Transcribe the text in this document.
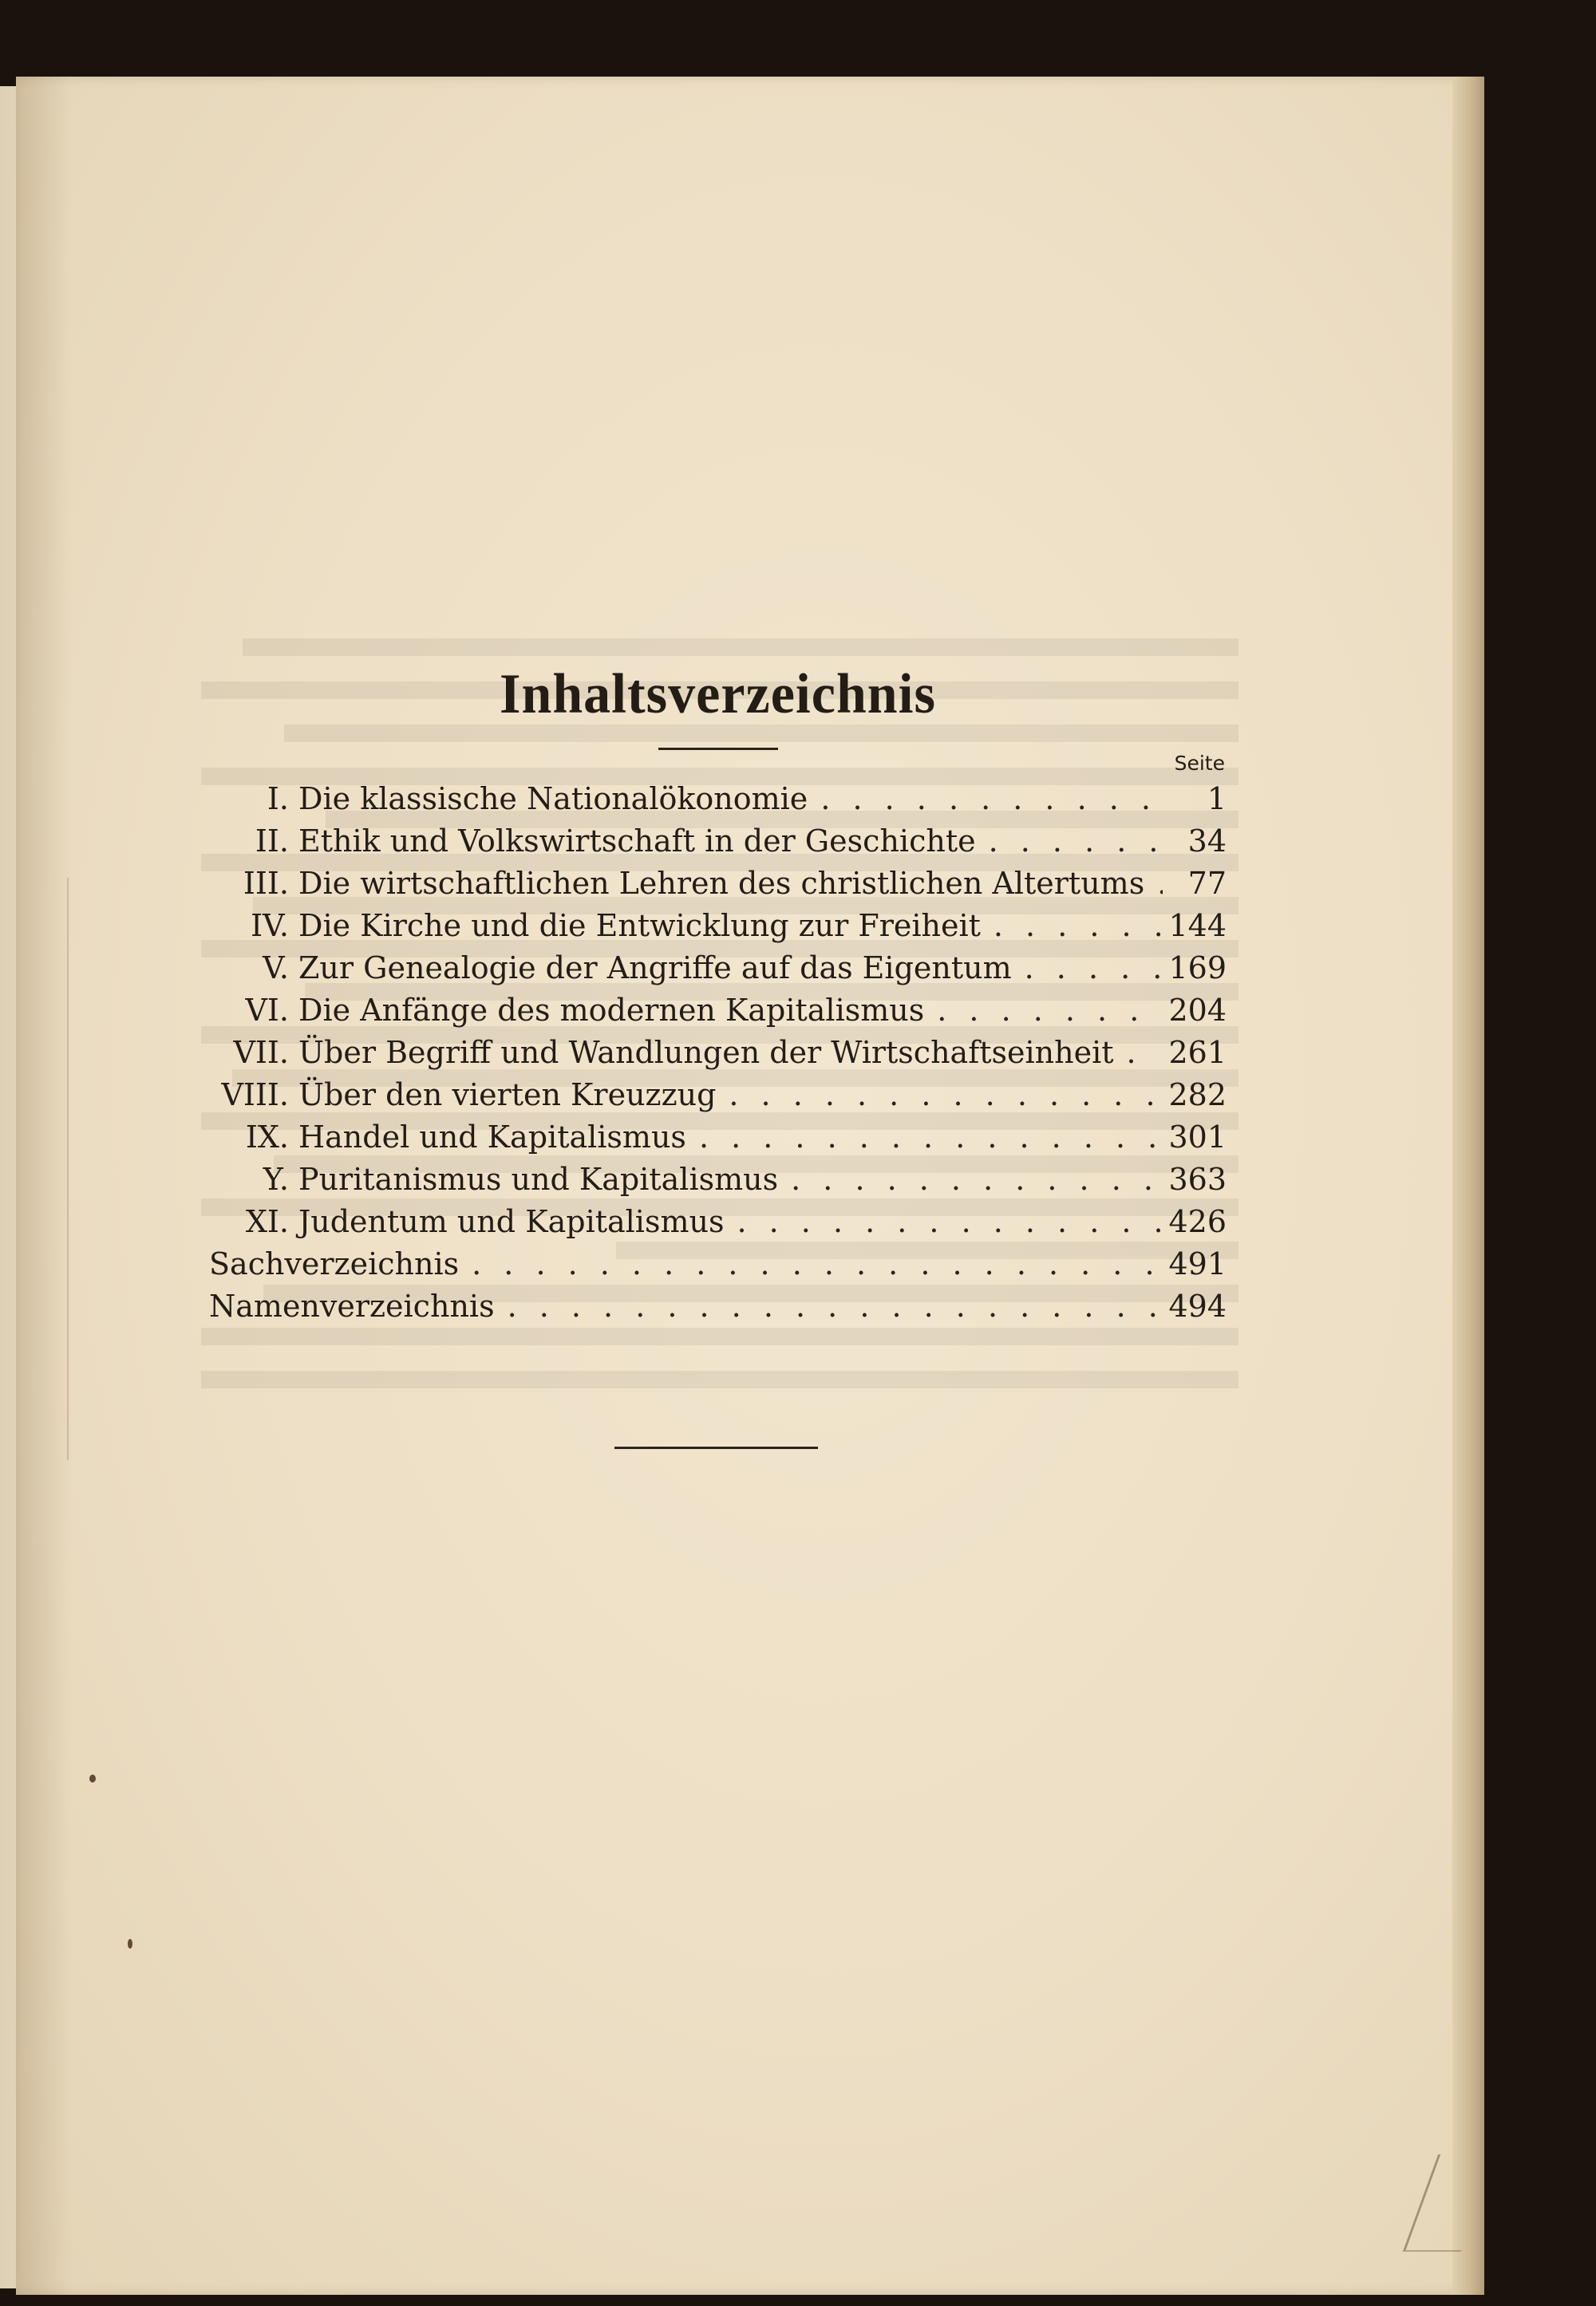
Inhaltsverzeichnis
Seite
I. Die klassische Nationalökonomie . . .	1
II. Ethik und Volkswirtschaft in der Geschichte . . .	34
III. Die wirtschaftlichen Lehren des christlichen Altertums . . .	77
IV. Die Kirche und die Entwicklung zur Freiheit . . .	144
V. Zur Genealogie der Angriffe auf das Eigentum . . .	169
VI. Die Anfänge des modernen Kapitalismus . . .	204
VII. Über Begriff und Wandlungen der Wirtschaftseinheit . . . 261
VIII. Über den vierten Kreuzzug . . .	282
IX. Handel und Kapitalismus . . .	301
Y. Puritanismus und Kapitalismus . . .	363
XI. Judentum und Kapitalismus . . .	426
Sachverzeichnis . . .	491
Namenverzeichnis . . .	494
